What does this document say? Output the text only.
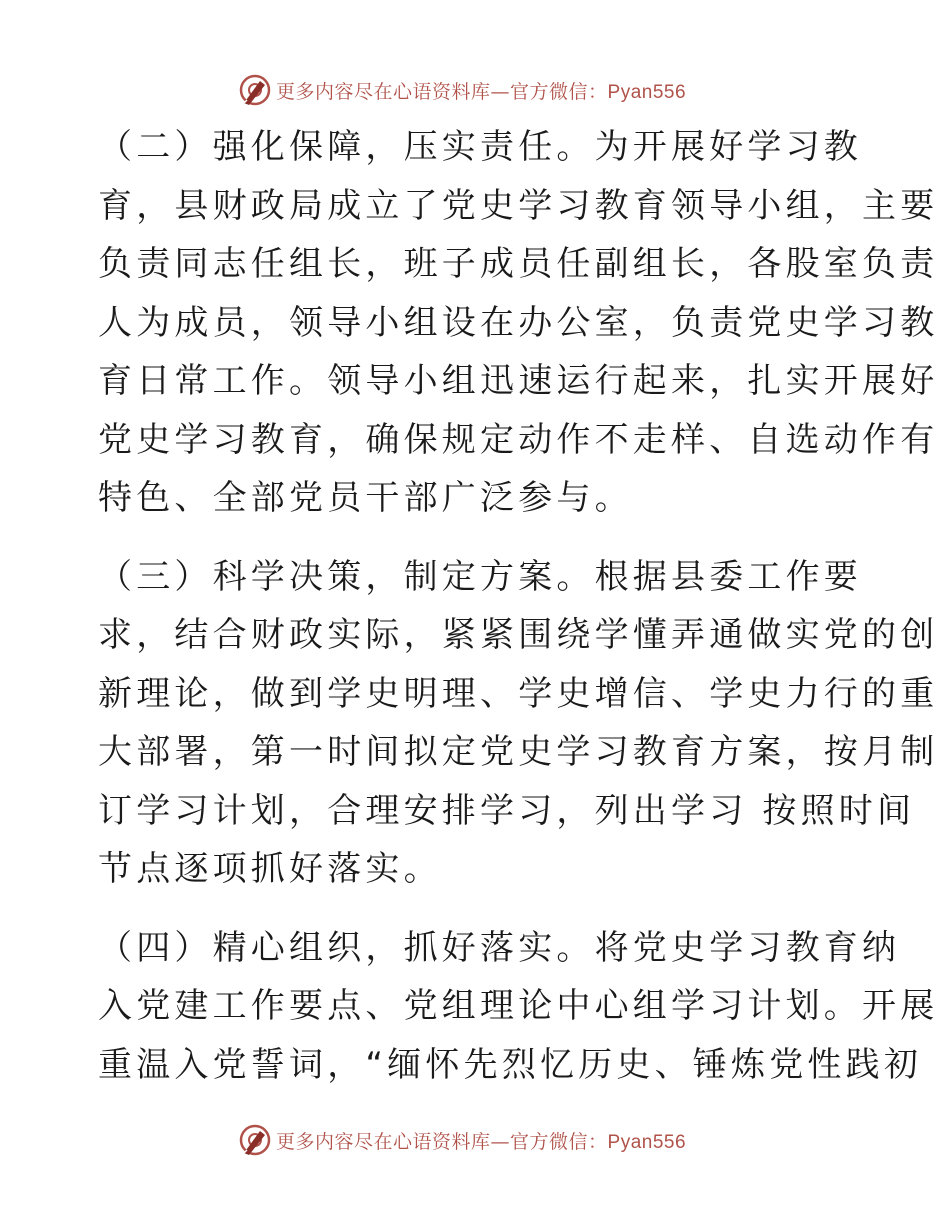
更多内容尽在心语资料库—官方微信：Pyan556
（二）强化保障，压实责任。为开展好学习教
育，县财政局成立了党史学习教育领导小组，主要
负责同志任组长，班子成员任副组长，各股室负责
人为成员，领导小组设在办公室，负责党史学习教
育日常工作。领导小组迅速运行起来，扎实开展好
党史学习教育，确保规定动作不走样、自选动作有
特色、全部党员干部广泛参与。
（三）科学决策，制定方案。根据县委工作要
求，结合财政实际，紧紧围绕学懂弄通做实党的创
新理论，做到学史明理、学史增信、学史力行的重
大部署，第一时间拟定党史学习教育方案，按月制
订学习计划，合理安排学习，列出学习 按照时间
节点逐项抓好落实。
（四）精心组织，抓好落实。将党史学习教育纳
入党建工作要点、党组理论中心组学习计划。开展
重温入党誓词，“缅怀先烈忆历史、锤炼党性践初
更多内容尽在心语资料库—官方微信：Pyan556
